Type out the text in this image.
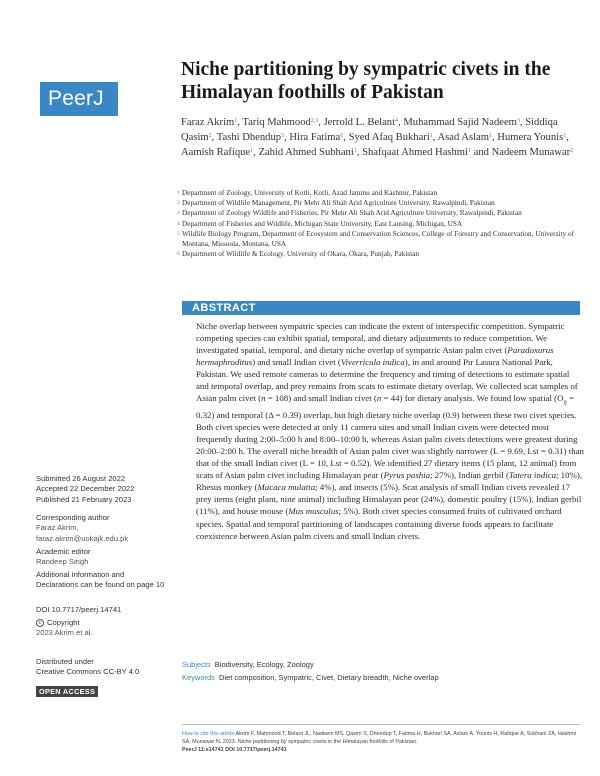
PeerJ
Niche partitioning by sympatric civets in the Himalayan foothills of Pakistan
Faraz Akrim$^1$, Tariq Mahmood$^{2,3}$, Jerrold L. Belant$^4$, Muhammad Sajid Nadeem$^3$, Siddiqa Qasim$^2$, Tashi Dhendup$^5$, Hira Fatima$^6$, Syed Afaq Bukhari$^1$, Asad Aslam$^1$, Humera Younis$^1$, Aamish Rafique$^1$, Zahid Ahmed Subhani$^1$, Shafqaat Ahmed Hashmi$^1$ and Nadeem Munawar$^2$
1 Department of Zoology, University of Kotli, Kotli, Azad Jammu and Kashmir, Pakistan
2 Department of Wildlife Management, Pir Mehr Ali Shah Arid Agriculture University, Rawalpindi, Pakistan
3 Department of Zoology Wildlife and Fisheries, Pir Mehr Ali Shah Arid Agriculture University, Rawalpindi, Pakistan
4 Department of Fisheries and Wildlife, Michigan State University, East Lansing, Michigan, USA
5 Wildlife Biology Program, Department of Ecosystem and Conservation Sciences, College of Forestry and Conservation, University of Montana, Missoula, Montana, USA
6 Department of Wildlife & Ecology, University of Okara, Okara, Punjab, Pakistan
ABSTRACT

Niche overlap between sympatric species can indicate the extent of interspecific competition. Sympatric competing species can exhibit spatial, temporal, and dietary adjustments to reduce competition. We investigated spatial, temporal, and dietary niche overlap of sympatric Asian palm civet (Paradoxurus hermaphroditus) and small Indian civet (Viverricula indica), in and around Pir Lasura National Park, Pakistan. We used remote cameras to determine the frequency and timing of detections to estimate spatial and temporal overlap, and prey remains from scats to estimate dietary overlap. We collected scat samples of Asian palm civet (n = 108) and small Indian civet (n = 44) for dietary analysis. We found low spatial $(O_{ij} = 0.32)$ and temporal (Δ = 0.39) overlap, but high dietary niche overlap (0.9) between these two civet species. Both civet species were detected at only 11 camera sites and small Indian civets were detected most frequently during 2:00–5:00 h and 8:00–10:00 h, whereas Asian palm civets detections were greatest during 20:00–2:00 h. The overall niche breadth of Asian palm civet was slightly narrower (L = 9.69, Lst = 0.31) than that of the small Indian civet (L = 10, Lst = 0.52). We identified 27 dietary items (15 plant, 12 animal) from scats of Asian palm civet including Himalayan pear (Pyrus pashia; 27%), Indian gerbil (Tatera indica; 10%), Rhesus monkey (Macaca mulatta; 4%), and insects (5%). Scat analysis of small Indian civets revealed 17 prey items (eight plant, nine animal) including Himalayan pear (24%), domestic poultry (15%), Indian gerbil (11%), and house mouse (Mus musculus; 5%). Both civet species consumed fruits of cultivated orchard species. Spatial and temporal partitioning of landscapes containing diverse foods appears to facilitate coexistence between Asian palm civets and small Indian civets.

Submitted 26 August 2022
Accepted 22 December 2022
Published 21 February 2023
Corresponding author
Faraz Akrim,
faraz.akrim@uokajk.edu.pk
Academic editor
Randeep Singh
Additional Information and Declarations can be found on page 10
DOI 10.7717/peerj.14741
c Copyright
2023 Akrim et al.
Distributed under
Creative Commons CC-BY 4.0
OPEN ACCESS
Subjects Biodiversity, Ecology, Zoology
Keywords Diet composition, Sympatric, Civet, Dietary breadth, Niche overlap
How to cite this article Akrim F, Mahmood T, Belant JL, Nadeem MS, Qasim S, Dhendup T, Fatima H, Bukhari SA, Aslam A, Younis H, Rafique A, Subhani ZA, Hashmi SA, Munawar N. 2023. Niche partitioning by sympatric civets in the Himalayan foothills of Pakistan.
PeerJ 11:e14741 DOI 10.7717/peerj.14741
